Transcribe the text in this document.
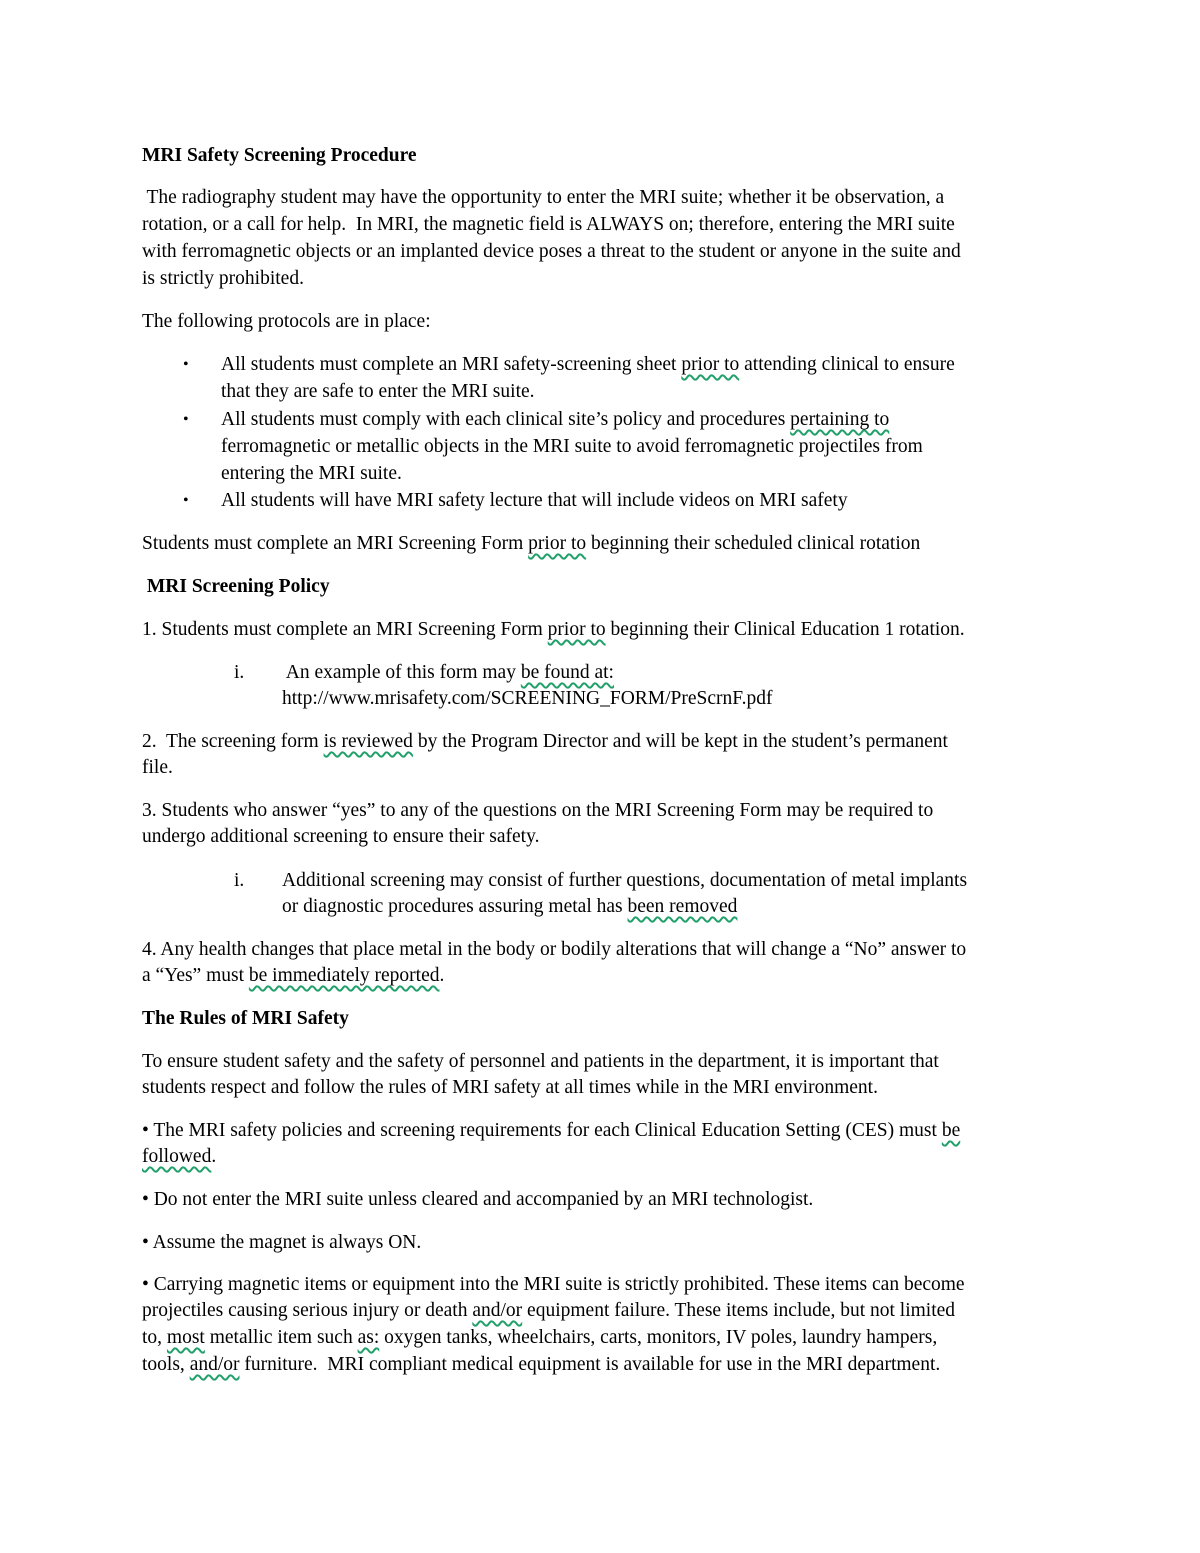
MRI Safety Screening Procedure
The radiography student may have the opportunity to enter the MRI suite; whether it be observation, a
rotation, or a call for help.  In MRI, the magnetic field is ALWAYS on; therefore, entering the MRI suite
with ferromagnetic objects or an implanted device poses a threat to the student or anyone in the suite and
is strictly prohibited.
The following protocols are in place:
• All students must complete an MRI safety-screening sheet prior to attending clinical to ensure
that they are safe to enter the MRI suite.
• All students must comply with each clinical site’s policy and procedures pertaining to
ferromagnetic or metallic objects in the MRI suite to avoid ferromagnetic projectiles from
entering the MRI suite.
• All students will have MRI safety lecture that will include videos on MRI safety
Students must complete an MRI Screening Form prior to beginning their scheduled clinical rotation
MRI Screening Policy
1. Students must complete an MRI Screening Form prior to beginning their Clinical Education 1 rotation.
i. An example of this form may be found at:
http://www.mrisafety.com/SCREENING_FORM/PreScrnF.pdf
2.  The screening form is reviewed by the Program Director and will be kept in the student’s permanent
file.
3. Students who answer “yes” to any of the questions on the MRI Screening Form may be required to
undergo additional screening to ensure their safety.
i. Additional screening may consist of further questions, documentation of metal implants
or diagnostic procedures assuring metal has been removed
4. Any health changes that place metal in the body or bodily alterations that will change a “No” answer to
a “Yes” must be immediately reported.
The Rules of MRI Safety
To ensure student safety and the safety of personnel and patients in the department, it is important that
students respect and follow the rules of MRI safety at all times while in the MRI environment.
• The MRI safety policies and screening requirements for each Clinical Education Setting (CES) must be
followed.
• Do not enter the MRI suite unless cleared and accompanied by an MRI technologist.
• Assume the magnet is always ON.
• Carrying magnetic items or equipment into the MRI suite is strictly prohibited. These items can become
projectiles causing serious injury or death and/or equipment failure. These items include, but not limited
to, most metallic item such as: oxygen tanks, wheelchairs, carts, monitors, IV poles, laundry hampers,
tools, and/or furniture.  MRI compliant medical equipment is available for use in the MRI department.
